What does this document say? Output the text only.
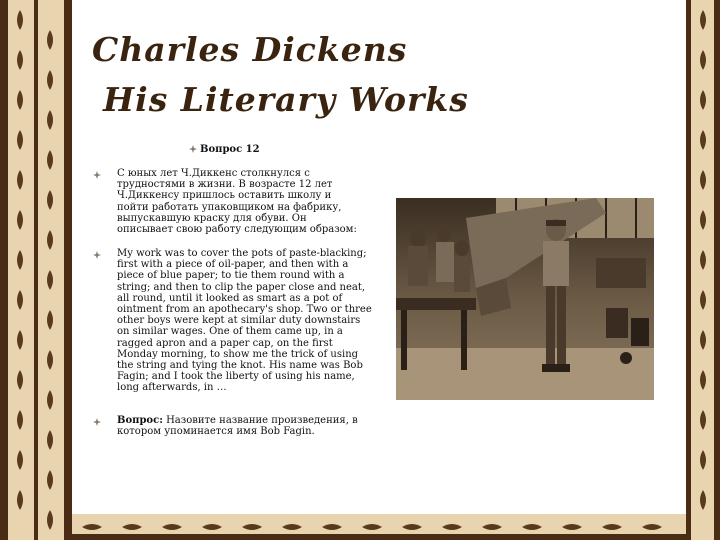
Charles Dickens
His Literary Works
Вопрос 12
С юных лет Ч.Диккенс столкнулся с
трудностями в жизни. В возрасте 12 лет
Ч.Диккенсу пришлось оставить школу и
пойти работать упаковщиком на фабрику,
выпускавшую краску для обуви. Он
описывает свою работу следующим образом:
My work was to cover the pots of paste-blacking;
first with a piece of oil-paper, and then with a
piece of blue paper; to tie them round with a
string; and then to clip the paper close and neat,
all round, until it looked as smart as a pot of
ointment from an apothecary's shop. Two or three
other boys were kept at similar duty downstairs
on similar wages. One of them came up, in a
ragged apron and a paper cap, on the first
Monday morning, to show me the trick of using
the string and tying the knot. His name was Bob
Fagin; and I took the liberty of using his name,
long afterwards, in …
Вопрос: Назовите название произведения, в
котором упоминается имя Bob Fagin.
